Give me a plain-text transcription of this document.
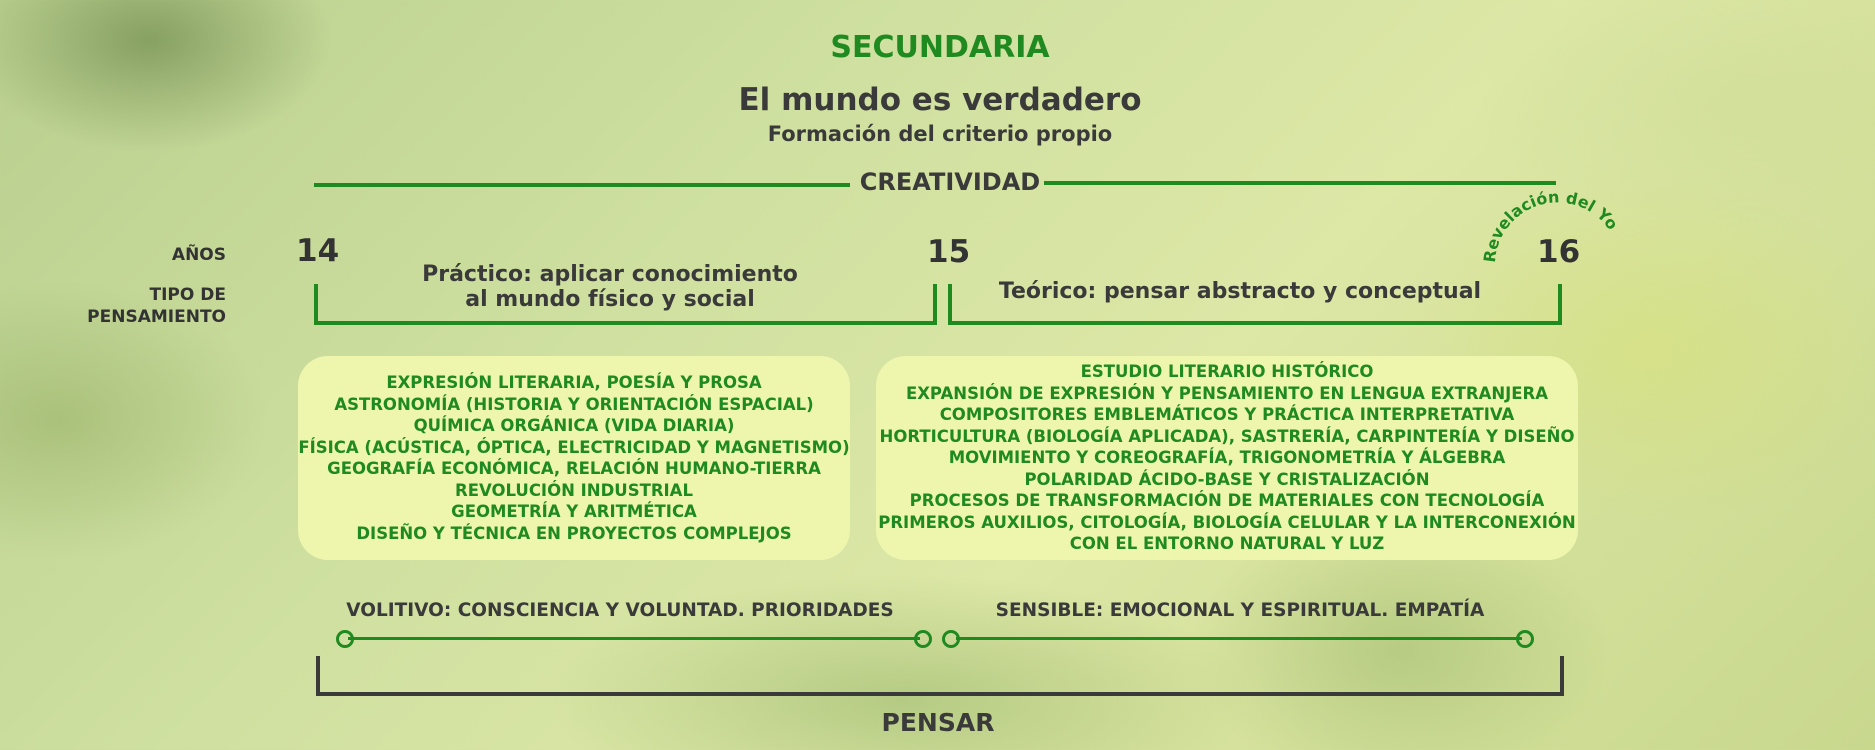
SECUNDARIA
El mundo es verdadero
Formación del criterio propio
CREATIVIDAD
AÑOS
TIPO DE
PENSAMIENTO
14	15	16
Revelación del Yo
Práctico: aplicar conocimiento al mundo físico y social	Teórico: pensar abstracto y conceptual
EXPRESIÓN LITERARIA, POESÍA Y PROSA
ASTRONOMÍA (HISTORIA Y ORIENTACIÓN ESPACIAL)
QUÍMICA ORGÁNICA (VIDA DIARIA)
FÍSICA (ACÚSTICA, ÓPTICA, ELECTRICIDAD Y MAGNETISMO)
GEOGRAFÍA ECONÓMICA, RELACIÓN HUMANO-TIERRA
REVOLUCIÓN INDUSTRIAL
GEOMETRÍA Y ARITMÉTICA
DISEÑO Y TÉCNICA EN PROYECTOS COMPLEJOS
ESTUDIO LITERARIO HISTÓRICO
EXPANSIÓN DE EXPRESIÓN Y PENSAMIENTO EN LENGUA EXTRANJERA
COMPOSITORES EMBLEMÁTICOS Y PRÁCTICA INTERPRETATIVA
HORTICULTURA (BIOLOGÍA APLICADA), SASTRERÍA, CARPINTERÍA Y DISEÑO
MOVIMIENTO Y COREOGRAFÍA, TRIGONOMETRÍA Y ÁLGEBRA
POLARIDAD ÁCIDO-BASE Y CRISTALIZACIÓN
PROCESOS DE TRANSFORMACIÓN DE MATERIALES CON TECNOLOGÍA
PRIMEROS AUXILIOS, CITOLOGÍA, BIOLOGÍA CELULAR Y LA INTERCONEXIÓN
CON EL ENTORNO NATURAL Y LUZ
VOLITIVO: CONSCIENCIA Y VOLUNTAD. PRIORIDADES	SENSIBLE: EMOCIONAL Y ESPIRITUAL. EMPATÍA
PENSAR
